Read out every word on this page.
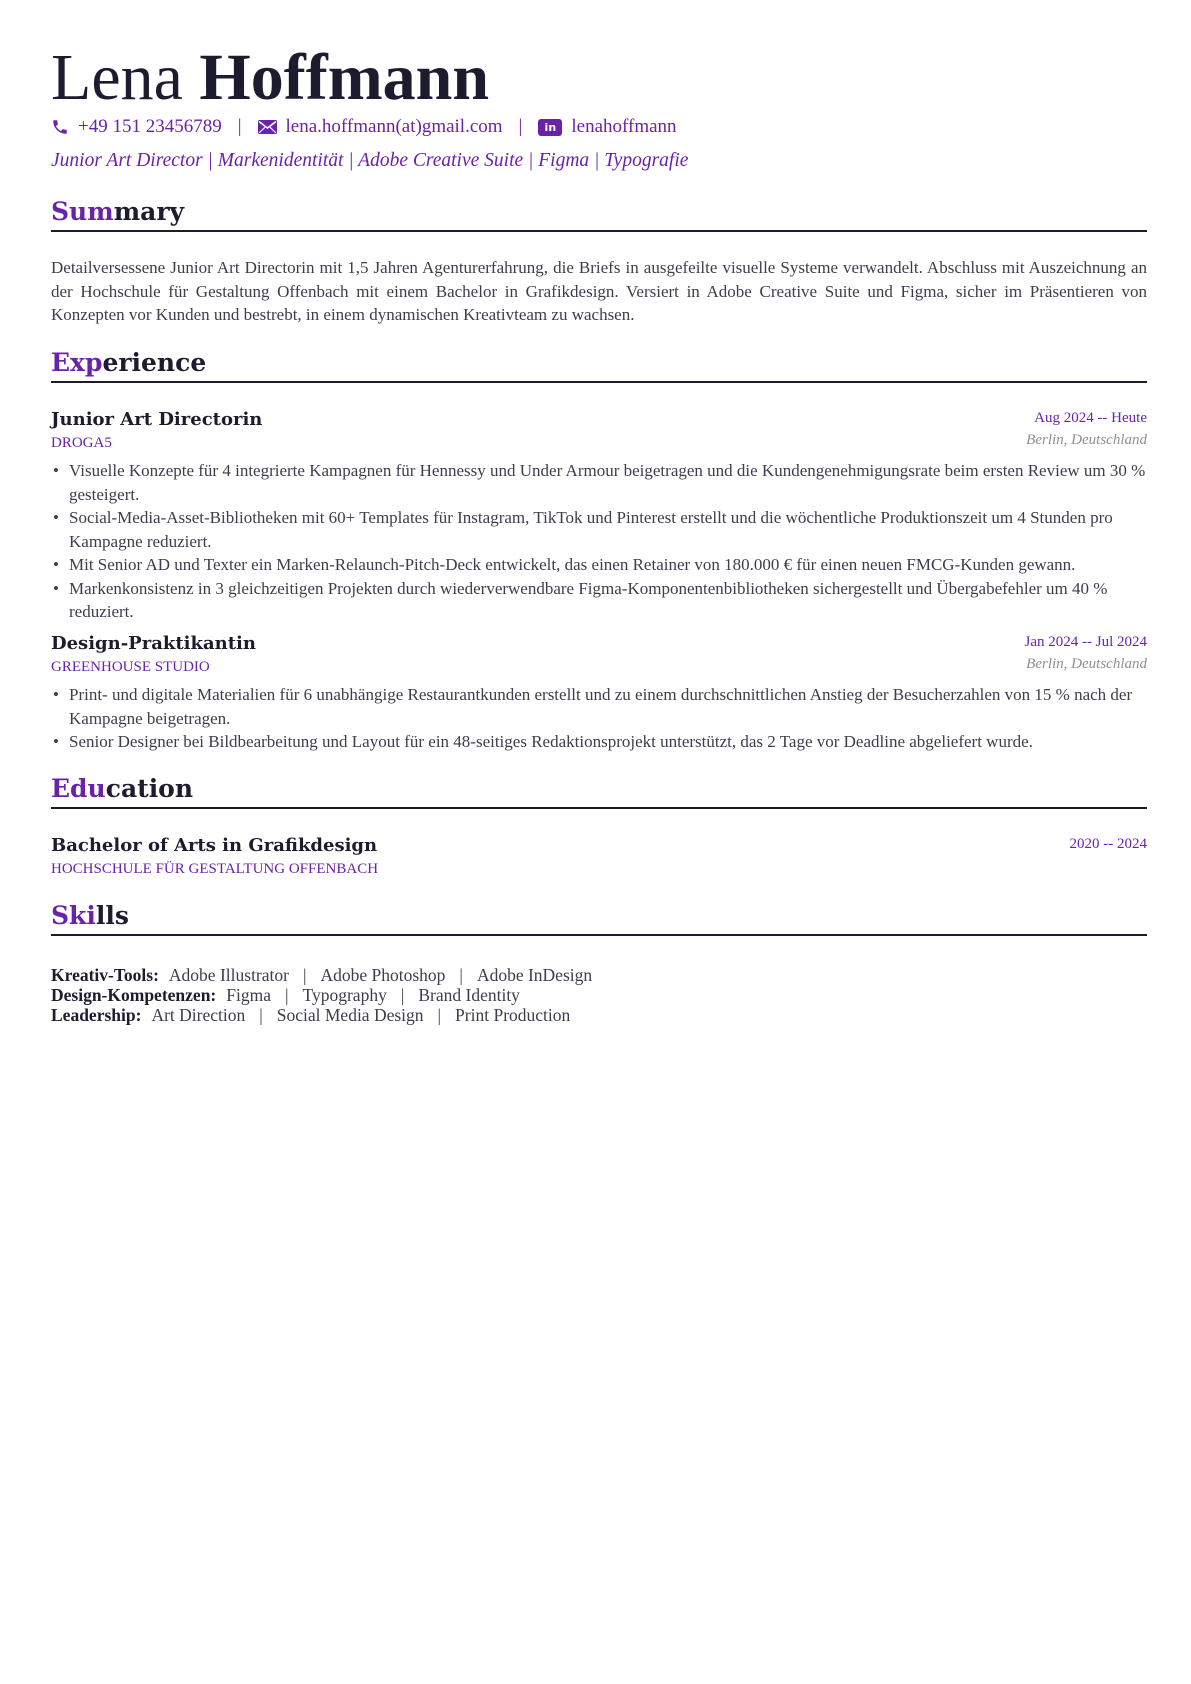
Lena Hoffmann
+49 151 23456789 | lena.hoffmann(at)gmail.com |	in lenahoffmann
Junior Art Director | Markenidentität | Adobe Creative Suite | Figma | Typografie
Summary

Detailversessene Junior Art Directorin mit 1,5 Jahren Agenturerfahrung, die Briefs in ausgefeilte visuelle Systeme verwandelt. Abschluss mit Auszeichnung an der Hochschule für Gestaltung Offenbach mit einem Bachelor in Grafikdesign. Versiert in Adobe Creative Suite und Figma, sicher im Präsentieren von Konzepten vor Kunden und bestrebt, in einem dynamischen Kreativteam zu wachsen.

Experience
Junior Art Directorin	Aug 2024 -- Heute
DROGA5	Berlin, Deutschland
• Visuelle Konzepte für 4 integrierte Kampagnen für Hennessy und Under Armour beigetragen und die Kundengenehmigungsrate beim ersten Review um 30 % gesteigert.
• Social-Media-Asset-Bibliotheken mit 60+ Templates für Instagram, TikTok und Pinterest erstellt und die wöchentliche Produktionszeit um 4 Stunden pro Kampagne reduziert.
• Mit Senior AD und Texter ein Marken-Relaunch-Pitch-Deck entwickelt, das einen Retainer von 180.000 € für einen neuen FMCG-Kunden gewann.
• Markenkonsistenz in 3 gleichzeitigen Projekten durch wiederverwendbare Figma-Komponentenbibliotheken sichergestellt und Übergabefehler um 40 % reduziert.
Design-Praktikantin	Jan 2024 -- Jul 2024
GREENHOUSE STUDIO	Berlin, Deutschland
• Print- und digitale Materialien für 6 unabhängige Restaurantkunden erstellt und zu einem durchschnittlichen Anstieg der Besucherzahlen von 15 % nach der Kampagne beigetragen.
• Senior Designer bei Bildbearbeitung und Layout für ein 48-seitiges Redaktionsprojekt unterstützt, das 2 Tage vor Deadline abgeliefert wurde.
Education
Bachelor of Arts in Grafikdesign	2020 -- 2024
HOCHSCHULE FÜR GESTALTUNG OFFENBACH
Skills
Kreativ-Tools: Adobe Illustrator | Adobe Photoshop | Adobe InDesign
Design-Kompetenzen: Figma | Typography | Brand Identity
Leadership: Art Direction | Social Media Design | Print Production
